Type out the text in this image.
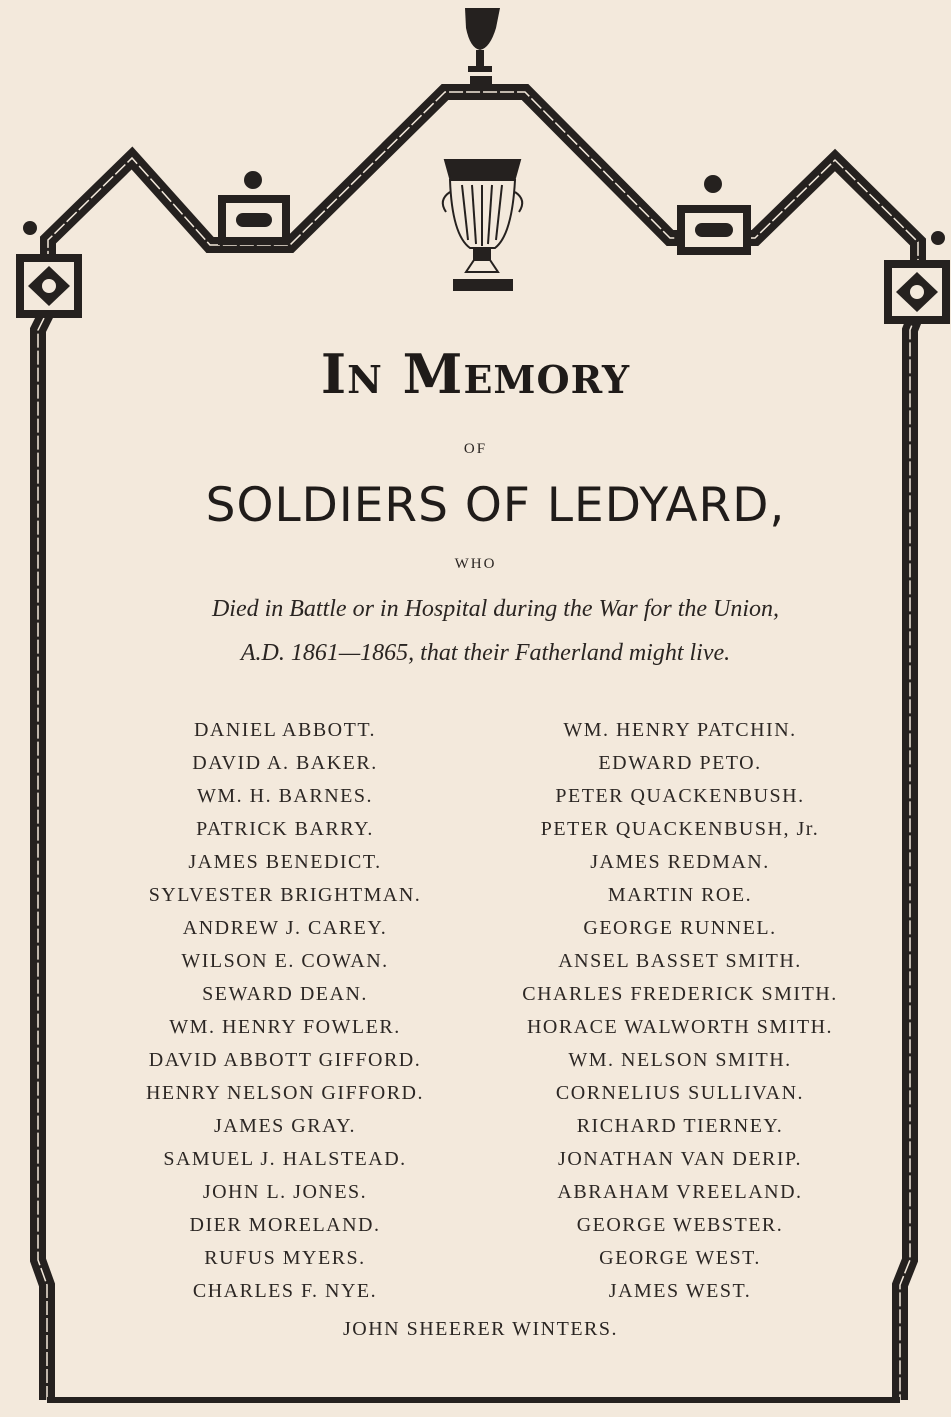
In Memory
OF
SOLDIERS OF LEDYARD,
WHO
Died in Battle or in Hospital during the War for the Union,
A.D. 1861—1865, that their Fatherland might live.
DANIEL ABBOTT.
DAVID A. BAKER.
WM. H. BARNES.
PATRICK BARRY.
JAMES BENEDICT.
SYLVESTER BRIGHTMAN.
ANDREW J. CAREY.
WILSON E. COWAN.
SEWARD DEAN.
WM. HENRY FOWLER.
DAVID ABBOTT GIFFORD.
HENRY NELSON GIFFORD.
JAMES GRAY.
SAMUEL J. HALSTEAD.
JOHN L. JONES.
DIER MORELAND.
RUFUS MYERS.
CHARLES F. NYE.
WM. HENRY PATCHIN.
EDWARD PETO.
PETER QUACKENBUSH.
PETER QUACKENBUSH, Jr.
JAMES REDMAN.
MARTIN ROE.
GEORGE RUNNEL.
ANSEL BASSET SMITH.
CHARLES FREDERICK SMITH.
HORACE WALWORTH SMITH.
WM. NELSON SMITH.
CORNELIUS SULLIVAN.
RICHARD TIERNEY.
JONATHAN VAN DERIP.
ABRAHAM VREELAND.
GEORGE WEBSTER.
GEORGE WEST.
JAMES WEST.
JOHN SHEERER WINTERS.
